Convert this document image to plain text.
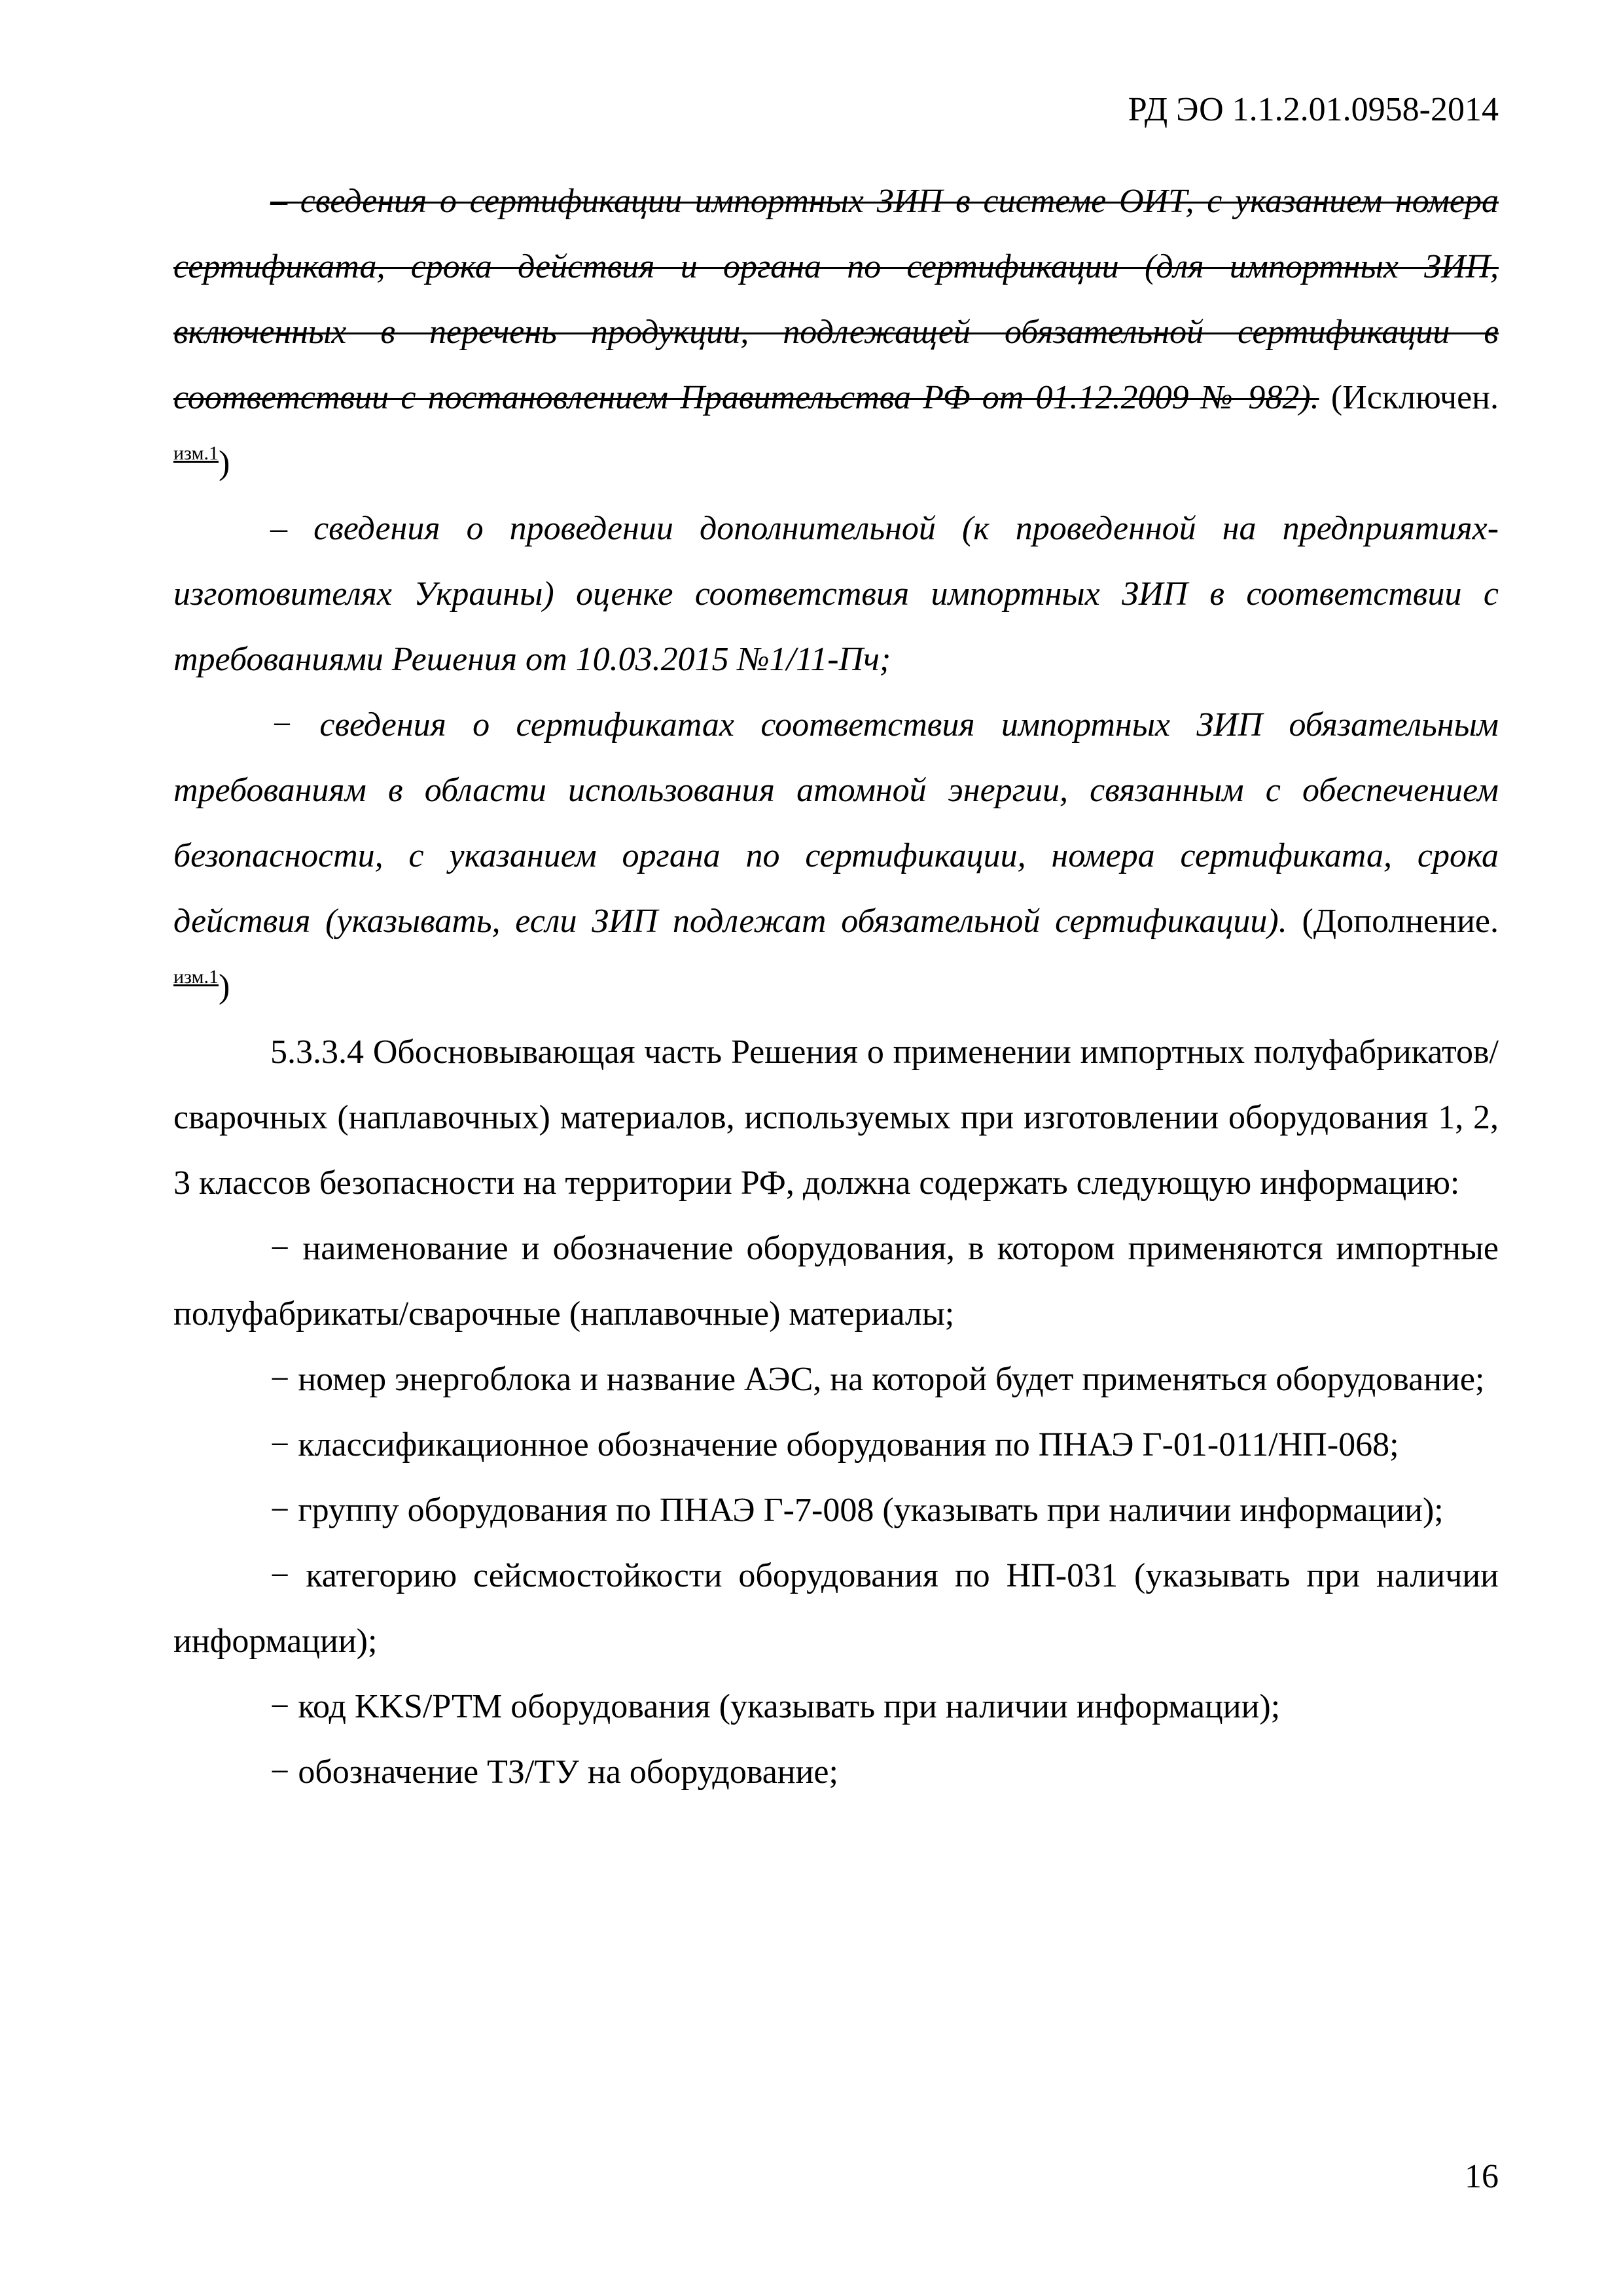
РД ЭО 1.1.2.01.0958-2014

– сведения о сертификации импортных ЗИП в системе ОИТ, с указанием номера сертификата, срока действия и органа по сертификации (для импортных ЗИП, включенных в перечень продукции, подлежащей обязательной сертификации в соответствии с постановлением Правительства РФ от 01.12.2009 № 982). (Исключен. $^{изм.1}$)

– сведения о проведении дополнительной (к проведенной на предприятиях-изготовителях Украины) оценке соответствия импортных ЗИП в соответствии с требованиями Решения от 10.03.2015 №1/11-Пч;

− сведения о сертификатах соответствия импортных ЗИП обязательным требованиям в области использования атомной энергии, связанным с обеспечением безопасности, с указанием органа по сертификации, номера сертификата, срока действия (указывать, если ЗИП подлежат обязательной сертификации). (Дополнение. $^{изм.1}$)

5.3.3.4 Обосновывающая часть Решения о применении импортных полуфабрикатов/сварочных (наплавочных) материалов, используемых при изготовлении оборудования 1, 2, 3 классов безопасности на территории РФ, должна содержать следующую информацию:

− наименование и обозначение оборудования, в котором применяются импортные полуфабрикаты/сварочные (наплавочные) материалы;

− номер энергоблока и название АЭС, на которой будет применяться оборудование;

− классификационное обозначение оборудования по ПНАЭ Г-01-011/НП-068;

− группу оборудования по ПНАЭ Г-7-008 (указывать при наличии информации);

− категорию сейсмостойкости оборудования по НП-031 (указывать при наличии информации);

− код KKS/РТМ оборудования (указывать при наличии информации);

− обозначение ТЗ/ТУ на оборудование;

16
